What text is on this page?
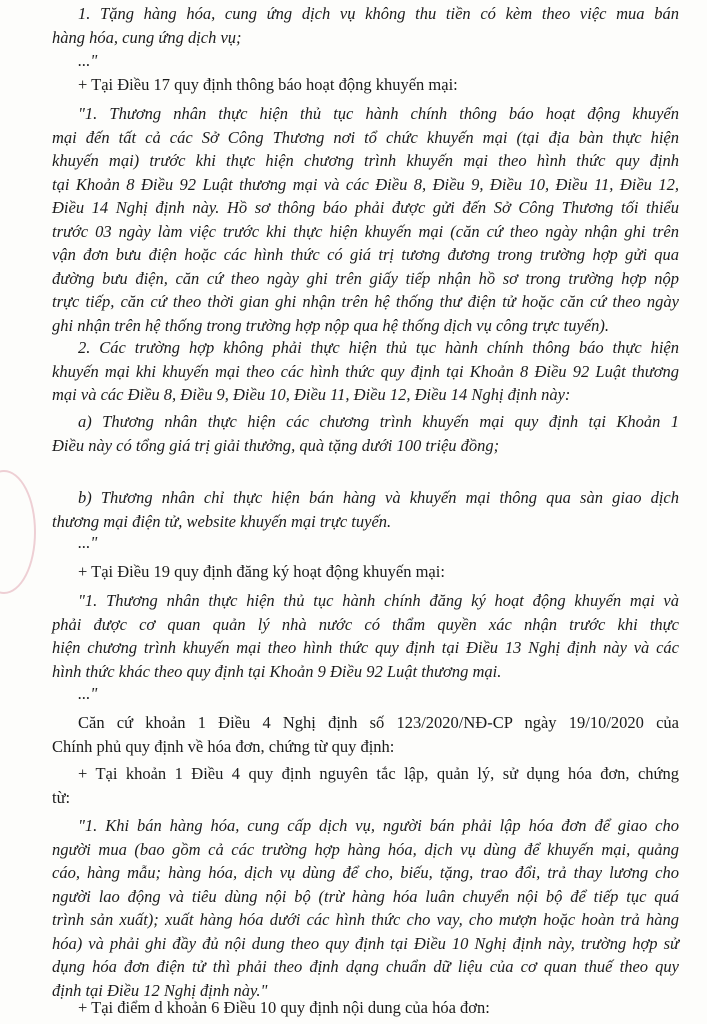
1. Tặng hàng hóa, cung ứng dịch vụ không thu tiền có kèm theo việc mua bán
hàng hóa, cung ứng dịch vụ;
..."
+ Tại Điều 17 quy định thông báo hoạt động khuyến mại:
"1. Thương nhân thực hiện thủ tục hành chính thông báo hoạt động khuyến
mại đến tất cả các Sở Công Thương nơi tổ chức khuyến mại (tại địa bàn thực hiện
khuyến mại) trước khi thực hiện chương trình khuyến mại theo hình thức quy định
tại Khoản 8 Điều 92 Luật thương mại và các Điều 8, Điều 9, Điều 10, Điều 11, Điều 12,
Điều 14 Nghị định này. Hồ sơ thông báo phải được gửi đến Sở Công Thương tối thiểu
trước 03 ngày làm việc trước khi thực hiện khuyến mại (căn cứ theo ngày nhận ghi trên
vận đơn bưu điện hoặc các hình thức có giá trị tương đương trong trường hợp gửi qua
đường bưu điện, căn cứ theo ngày ghi trên giấy tiếp nhận hồ sơ trong trường hợp nộp
trực tiếp, căn cứ theo thời gian ghi nhận trên hệ thống thư điện tử hoặc căn cứ theo ngày
ghi nhận trên hệ thống trong trường hợp nộp qua hệ thống dịch vụ công trực tuyến).
2. Các trường hợp không phải thực hiện thủ tục hành chính thông báo thực hiện
khuyến mại khi khuyến mại theo các hình thức quy định tại Khoản 8 Điều 92 Luật thương
mại và các Điều 8, Điều 9, Điều 10, Điều 11, Điều 12, Điều 14 Nghị định này:
a) Thương nhân thực hiện các chương trình khuyến mại quy định tại Khoản 1
Điều này có tổng giá trị giải thưởng, quà tặng dưới 100 triệu đồng;
b) Thương nhân chỉ thực hiện bán hàng và khuyến mại thông qua sàn giao dịch
thương mại điện tử, website khuyến mại trực tuyến.
..."
+ Tại Điều 19 quy định đăng ký hoạt động khuyến mại:
"1. Thương nhân thực hiện thủ tục hành chính đăng ký hoạt động khuyến mại và
phải được cơ quan quản lý nhà nước có thẩm quyền xác nhận trước khi thực
hiện chương trình khuyến mại theo hình thức quy định tại Điều 13 Nghị định này và các
hình thức khác theo quy định tại Khoản 9 Điều 92 Luật thương mại.
..."
Căn cứ khoản 1 Điều 4 Nghị định số 123/2020/NĐ-CP ngày 19/10/2020 của
Chính phủ quy định về hóa đơn, chứng từ quy định:
+ Tại khoản 1 Điều 4 quy định nguyên tắc lập, quản lý, sử dụng hóa đơn, chứng
từ:
"1. Khi bán hàng hóa, cung cấp dịch vụ, người bán phải lập hóa đơn để giao cho
người mua (bao gồm cả các trường hợp hàng hóa, dịch vụ dùng để khuyến mại, quảng
cáo, hàng mẫu; hàng hóa, dịch vụ dùng để cho, biếu, tặng, trao đổi, trả thay lương cho
người lao động và tiêu dùng nội bộ (trừ hàng hóa luân chuyển nội bộ để tiếp tục quá
trình sản xuất); xuất hàng hóa dưới các hình thức cho vay, cho mượn hoặc hoàn trả hàng
hóa) và phải ghi đầy đủ nội dung theo quy định tại Điều 10 Nghị định này, trường hợp sử
dụng hóa đơn điện tử thì phải theo định dạng chuẩn dữ liệu của cơ quan thuế theo quy
định tại Điều 12 Nghị định này."
+ Tại điểm d khoản 6 Điều 10 quy định nội dung của hóa đơn:
